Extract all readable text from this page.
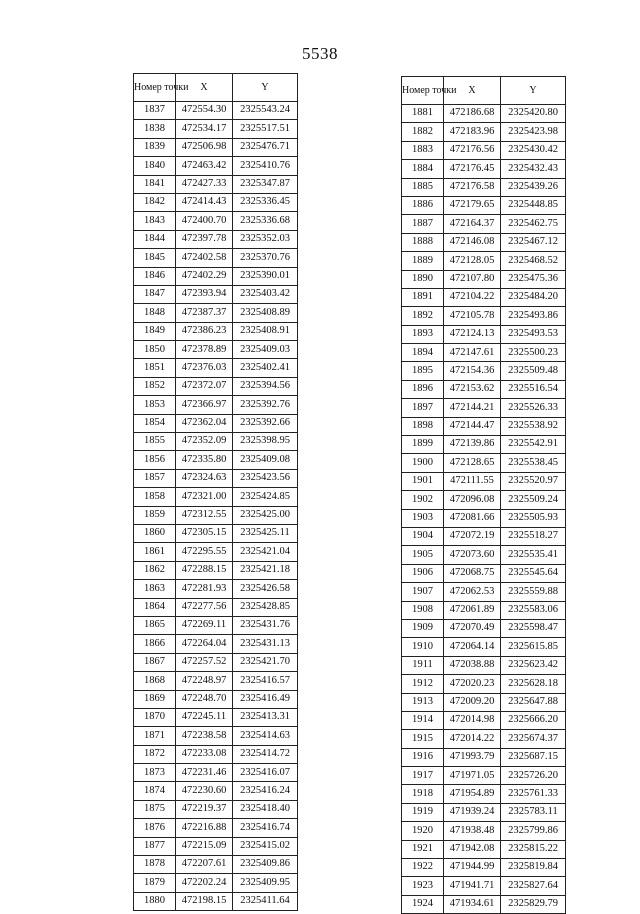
5538
Номер точки	X	Y
1837	472554.30	2325543.24
1838	472534.17	2325517.51
1839	472506.98	2325476.71
1840	472463.42	2325410.76
1841	472427.33	2325347.87
1842	472414.43	2325336.45
1843	472400.70	2325336.68
1844	472397.78	2325352.03
1845	472402.58	2325370.76
1846	472402.29	2325390.01
1847	472393.94	2325403.42
1848	472387.37	2325408.89
1849	472386.23	2325408.91
1850	472378.89	2325409.03
1851	472376.03	2325402.41
1852	472372.07	2325394.56
1853	472366.97	2325392.76
1854	472362.04	2325392.66
1855	472352.09	2325398.95
1856	472335.80	2325409.08
1857	472324.63	2325423.56
1858	472321.00	2325424.85
1859	472312.55	2325425.00
1860	472305.15	2325425.11
1861	472295.55	2325421.04
1862	472288.15	2325421.18
1863	472281.93	2325426.58
1864	472277.56	2325428.85
1865	472269.11	2325431.76
1866	472264.04	2325431.13
1867	472257.52	2325421.70
1868	472248.97	2325416.57
1869	472248.70	2325416.49
1870	472245.11	2325413.31
1871	472238.58	2325414.63
1872	472233.08	2325414.72
1873	472231.46	2325416.07
1874	472230.60	2325416.24
1875	472219.37	2325418.40
1876	472216.88	2325416.74
1877	472215.09	2325415.02
1878	472207.61	2325409.86
1879	472202.24	2325409.95
1880	472198.15	2325411.64
Номер точки	X	Y
1881	472186.68	2325420.80
1882	472183.96	2325423.98
1883	472176.56	2325430.42
1884	472176.45	2325432.43
1885	472176.58	2325439.26
1886	472179.65	2325448.85
1887	472164.37	2325462.75
1888	472146.08	2325467.12
1889	472128.05	2325468.52
1890	472107.80	2325475.36
1891	472104.22	2325484.20
1892	472105.78	2325493.86
1893	472124.13	2325493.53
1894	472147.61	2325500.23
1895	472154.36	2325509.48
1896	472153.62	2325516.54
1897	472144.21	2325526.33
1898	472144.47	2325538.92
1899	472139.86	2325542.91
1900	472128.65	2325538.45
1901	472111.55	2325520.97
1902	472096.08	2325509.24
1903	472081.66	2325505.93
1904	472072.19	2325518.27
1905	472073.60	2325535.41
1906	472068.75	2325545.64
1907	472062.53	2325559.88
1908	472061.89	2325583.06
1909	472070.49	2325598.47
1910	472064.14	2325615.85
1911	472038.88	2325623.42
1912	472020.23	2325628.18
1913	472009.20	2325647.88
1914	472014.98	2325666.20
1915	472014.22	2325674.37
1916	471993.79	2325687.15
1917	471971.05	2325726.20
1918	471954.89	2325761.33
1919	471939.24	2325783.11
1920	471938.48	2325799.86
1921	471942.08	2325815.22
1922	471944.99	2325819.84
1923	471941.71	2325827.64
1924	471934.61	2325829.79
